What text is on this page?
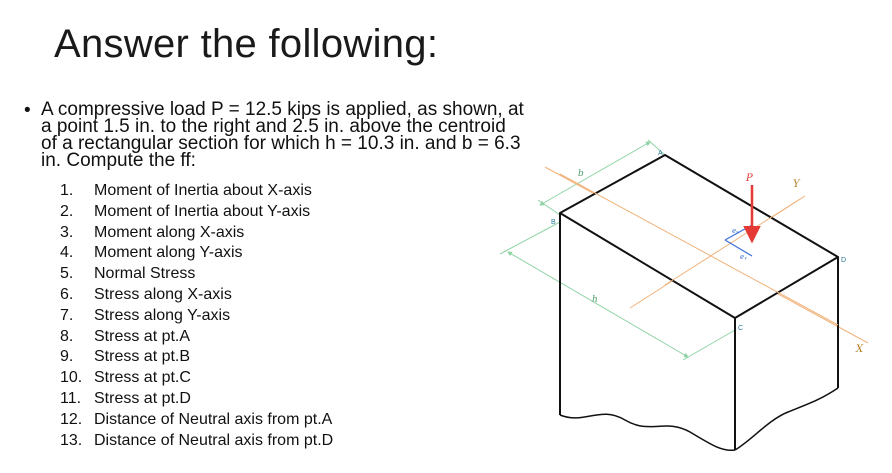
Answer the following:
• A compressive load P = 12.5 kips is applied, as shown, at
a point 1.5 in. to the right and 2.5 in. above the centroid
of a rectangular section for which h = 10.3 in. and b = 6.3
in. Compute the ff:
1. Moment of Inertia about X-axis
2. Moment of Inertia about Y-axis
3. Moment along X-axis
4. Moment along Y-axis
5. Normal Stress
6. Stress along X-axis
7. Stress along Y-axis
8. Stress at pt.A
9. Stress at pt.B
10. Stress at pt.C
11. Stress at pt.D
12. Distance of Neutral axis from pt.A
13. Distance of Neutral axis from pt.D
P
Y
X
b
h
eₓ
eᵧ
A
B
C
D
